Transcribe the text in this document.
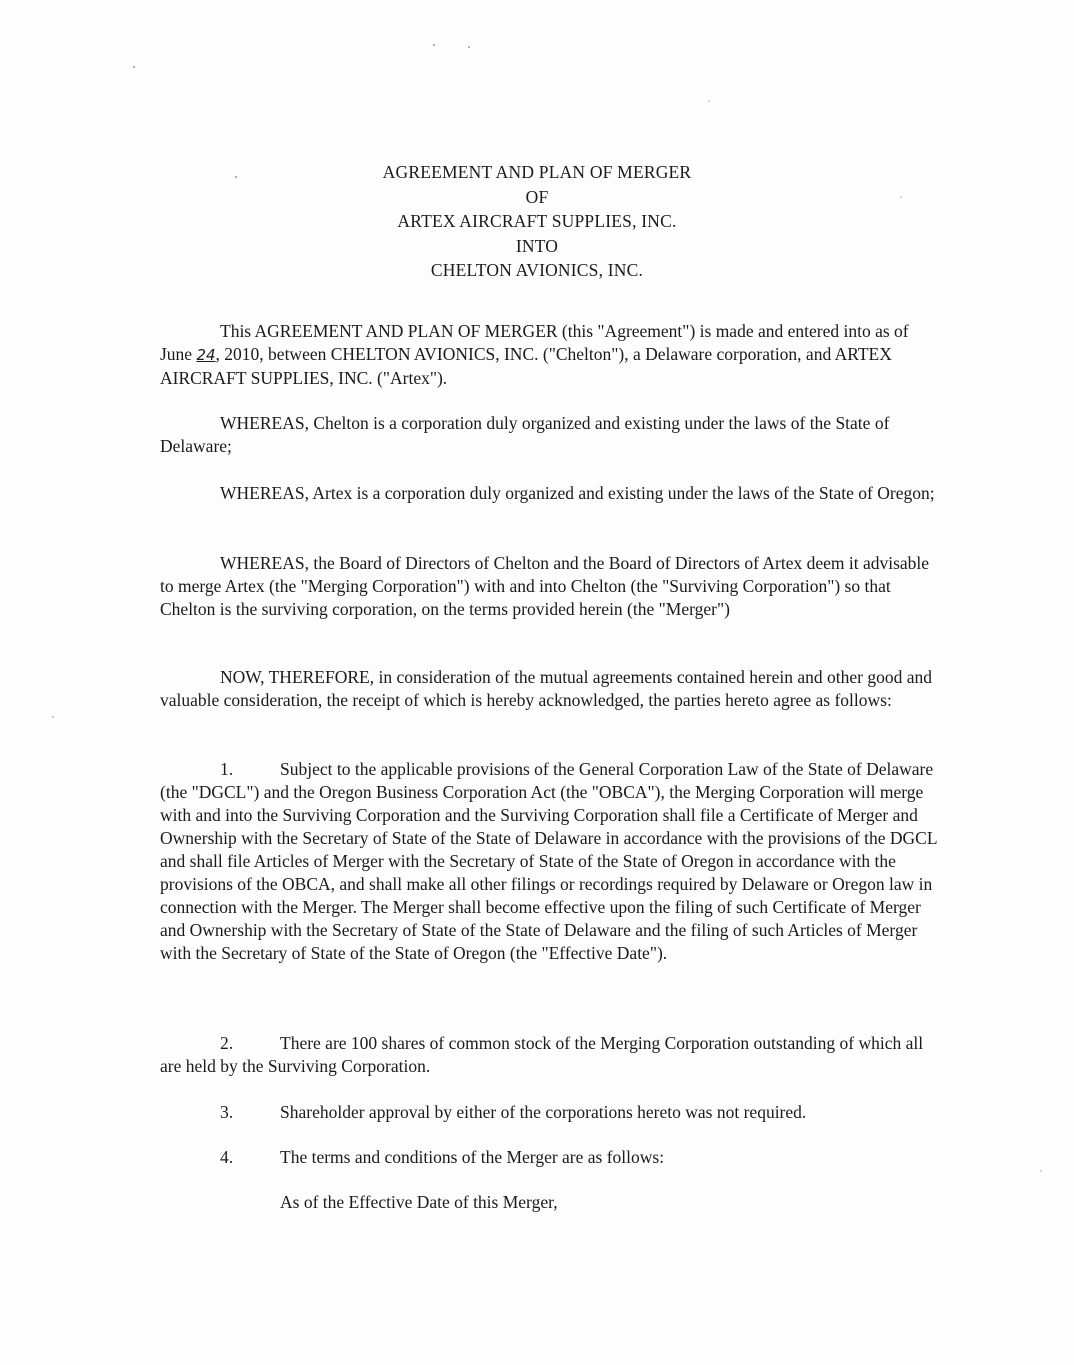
AGREEMENT AND PLAN OF MERGER
OF
ARTEX AIRCRAFT SUPPLIES, INC.
INTO
CHELTON AVIONICS, INC.

This AGREEMENT AND PLAN OF MERGER (this "Agreement") is made and entered into as of June 24, 2010, between CHELTON AVIONICS, INC. ("Chelton"), a Delaware corporation, and ARTEX AIRCRAFT SUPPLIES, INC. ("Artex").

WHEREAS, Chelton is a corporation duly organized and existing under the laws of the State of Delaware;

WHEREAS, Artex is a corporation duly organized and existing under the laws of the State of Oregon;

WHEREAS, the Board of Directors of Chelton and the Board of Directors of Artex deem it advisable to merge Artex (the "Merging Corporation") with and into Chelton (the "Surviving Corporation") so that Chelton is the surviving corporation, on the terms provided herein (the "Merger")

NOW, THEREFORE, in consideration of the mutual agreements contained herein and other good and valuable consideration, the receipt of which is hereby acknowledged, the parties hereto agree as follows:

1.	Subject to the applicable provisions of the General Corporation Law of the State of Delaware (the "DGCL") and the Oregon Business Corporation Act (the "OBCA"), the Merging Corporation will merge with and into the Surviving Corporation and the Surviving Corporation shall file a Certificate of Merger and Ownership with the Secretary of State of the State of Delaware in accordance with the provisions of the DGCL and shall file Articles of Merger with the Secretary of State of the State of Oregon in accordance with the provisions of the OBCA, and shall make all other filings or recordings required by Delaware or Oregon law in connection with the Merger. The Merger shall become effective upon the filing of such Certificate of Merger and Ownership with the Secretary of State of the State of Delaware and the filing of such Articles of Merger with the Secretary of State of the State of Oregon (the "Effective Date").

2.	There are 100 shares of common stock of the Merging Corporation outstanding of which all are held by the Surviving Corporation.

3.	Shareholder approval by either of the corporations hereto was not required.
4.	The terms and conditions of the Merger are as follows:
As of the Effective Date of this Merger,
